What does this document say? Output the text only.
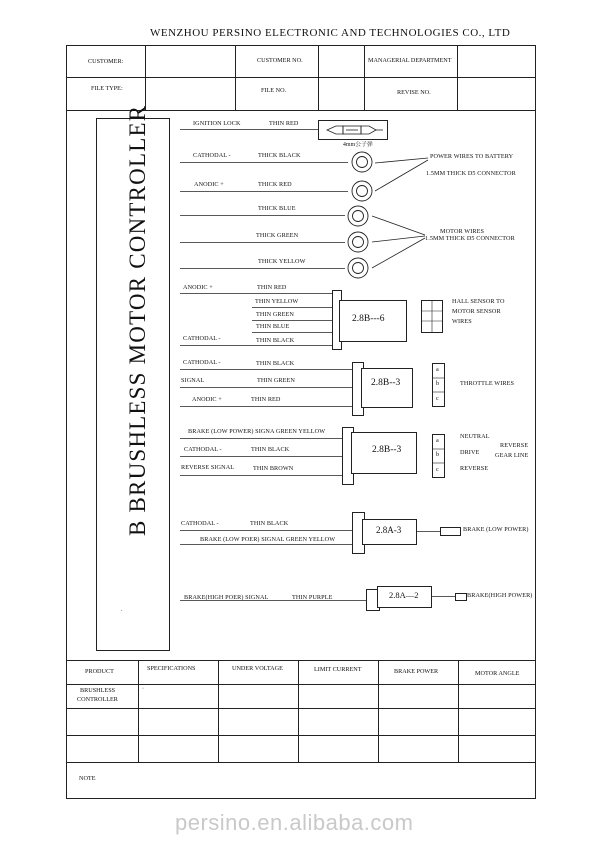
WENZHOU PERSINO ELECTRONIC AND TECHNOLOGIES CO., LTD
CUSTOMER:	CUSTOMER NO.	MANAGERIAL DEPARTMENT
FILE TYPE:	FILE NO.	REVISE NO.
B BRUSHLESS MOTOR CONTROLLER
.
IGNITION LOCK	THIN RED
4mm公子弹
CATHODAL -	THICK BLACK
ANODIC +	THICK RED
POWER WIRES TO BATTERY
1.5MM THICK D5 CONNECTOR
THICK BLUE
THICK GREEN
THICK YELLOW
MOTOR WIRES
1.5MM THICK D5 CONNECTOR
ANODIC +	THIN RED
THIN YELLOW
THIN GREEN
THIN BLUE
CATHODAL -	THIN BLACK
2.8B---6
HALL SENSOR TO
MOTOR SENSOR
WIRES
CATHODAL -	THIN BLACK
SIGNAL	THIN GREEN
ANODIC +	THIN RED
2.8B--3
a
b
c
THROTTLE WIRES
BRAKE (LOW POWER) SIGNA GREEN YELLOW
CATHODAL -	THIN BLACK
REVERSE SIGNAL	THIN BROWN
2.8B--3
a
b
c
NEUTRAL
DRIVE
REVERSE
REVERSE
GEAR LINE
CATHODAL -	THIN BLACK
BRAKE (LOW POER) SIGNAL GREEN YELLOW
2.8A-3	BRAKE (LOW POWER)
BRAKE(HIGH POER) SIGNAL	THIN PURPLE	2.8A—2	BRAKE(HIGH POWER)
PRODUCT	SPECIFICATIONS	UNDER VOLTAGE	LIMIT CURRENT	BRAKE POWER	MOTOR ANGLE
BRUSHLESS
CONTROLLER
·
NOTE
persino.en.alibaba.com
